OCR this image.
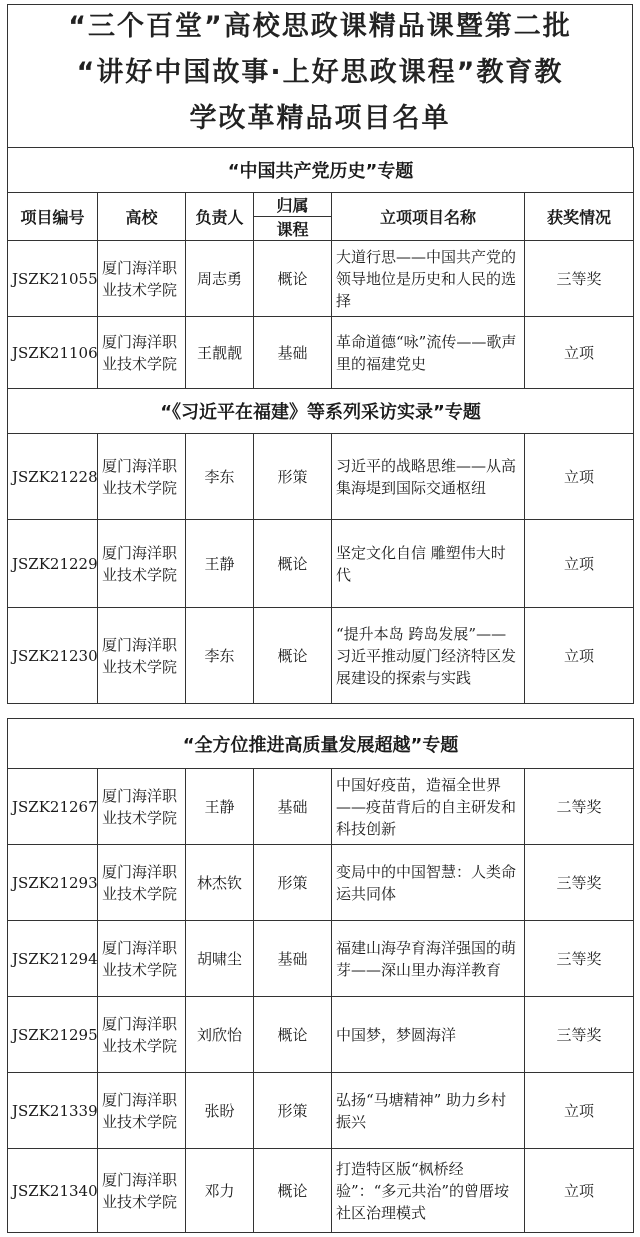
“三个百堂”高校思政课精品课暨第二批
“讲好中国故事·上好思政课程”教育教
学改革精品项目名单
“中国共产党历史”专题					
项目编号	高校	负责人	归属	立项项目名称	获奖情况
			课程		
JSZK21055	厦门海洋职业技术学院	周志勇	概论	大道行思——中国共产党的领导地位是历史和人民的选择	三等奖
JSZK21106	厦门海洋职业技术学院	王靓靓	基础	革命道德“咏”流传——歌声里的福建党史	立项
“《习近平在福建》等系列采访实录”专题					
JSZK21228	厦门海洋职业技术学院	李东	形策	习近平的战略思维——从高集海堤到国际交通枢纽	立项
JSZK21229	厦门海洋职业技术学院	王静	概论	坚定文化自信 雕塑伟大时代	立项
JSZK21230	厦门海洋职业技术学院	李东	概论	“提升本岛 跨岛发展”——习近平推动厦门经济特区发展建设的探索与实践	立项
“全方位推进高质量发展超越”专题					
JSZK21267	厦门海洋职业技术学院	王静	基础	中国好疫苗，造福全世界——疫苗背后的自主研发和科技创新	二等奖
JSZK21293	厦门海洋职业技术学院	林杰钦	形策	变局中的中国智慧：人类命运共同体	三等奖
JSZK21294	厦门海洋职业技术学院	胡啸尘	基础	福建山海孕育海洋强国的萌芽——深山里办海洋教育	三等奖
JSZK21295	厦门海洋职业技术学院	刘欣怡	概论	中国梦，梦圆海洋	三等奖
JSZK21339	厦门海洋职业技术学院	张盼	形策	弘扬“马塘精神” 助力乡村振兴	立项
JSZK21340	厦门海洋职业技术学院	邓力	概论	打造特区版“枫桥经验”：“多元共治”的曾厝垵社区治理模式	立项
